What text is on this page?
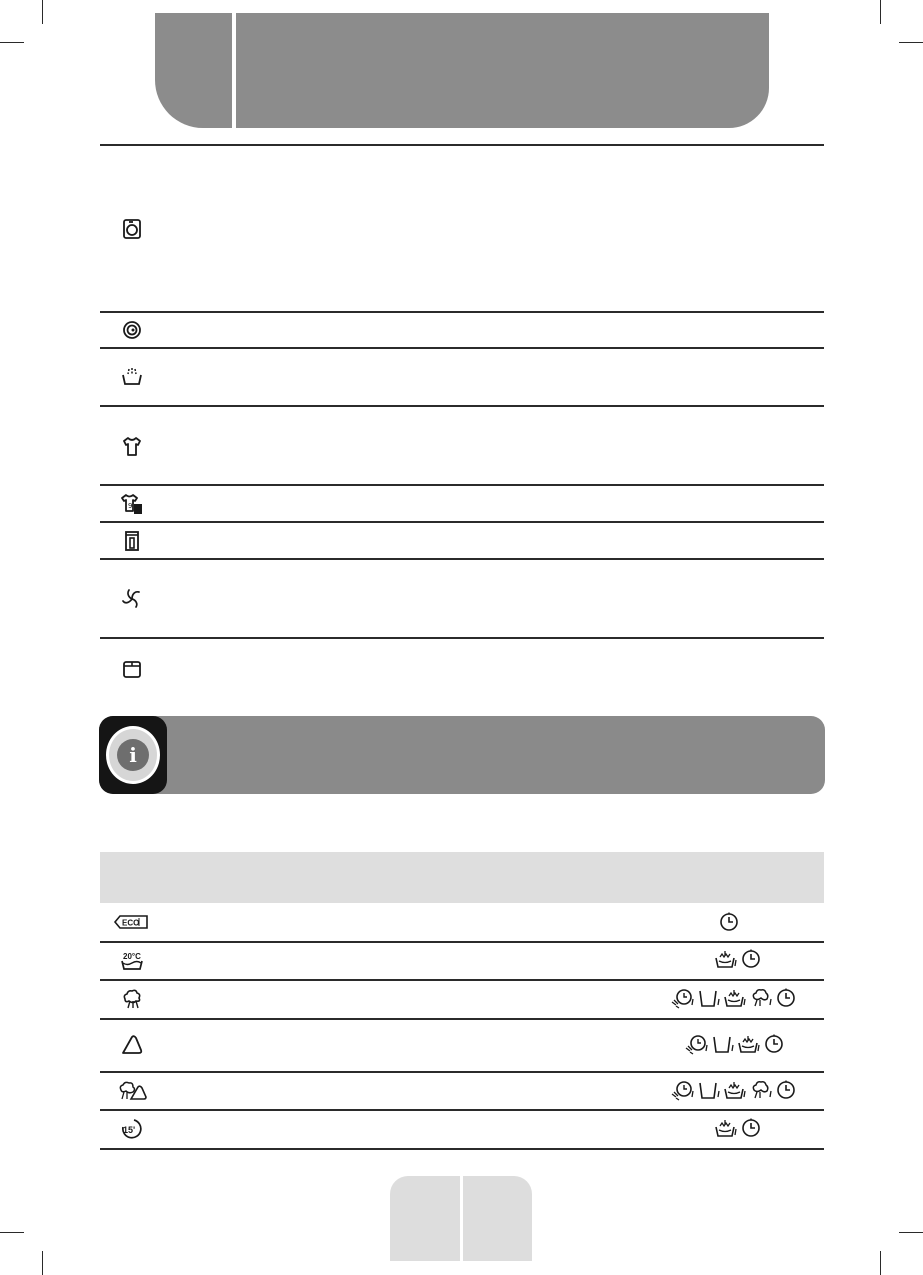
9
i
ECO
20°C
15'
